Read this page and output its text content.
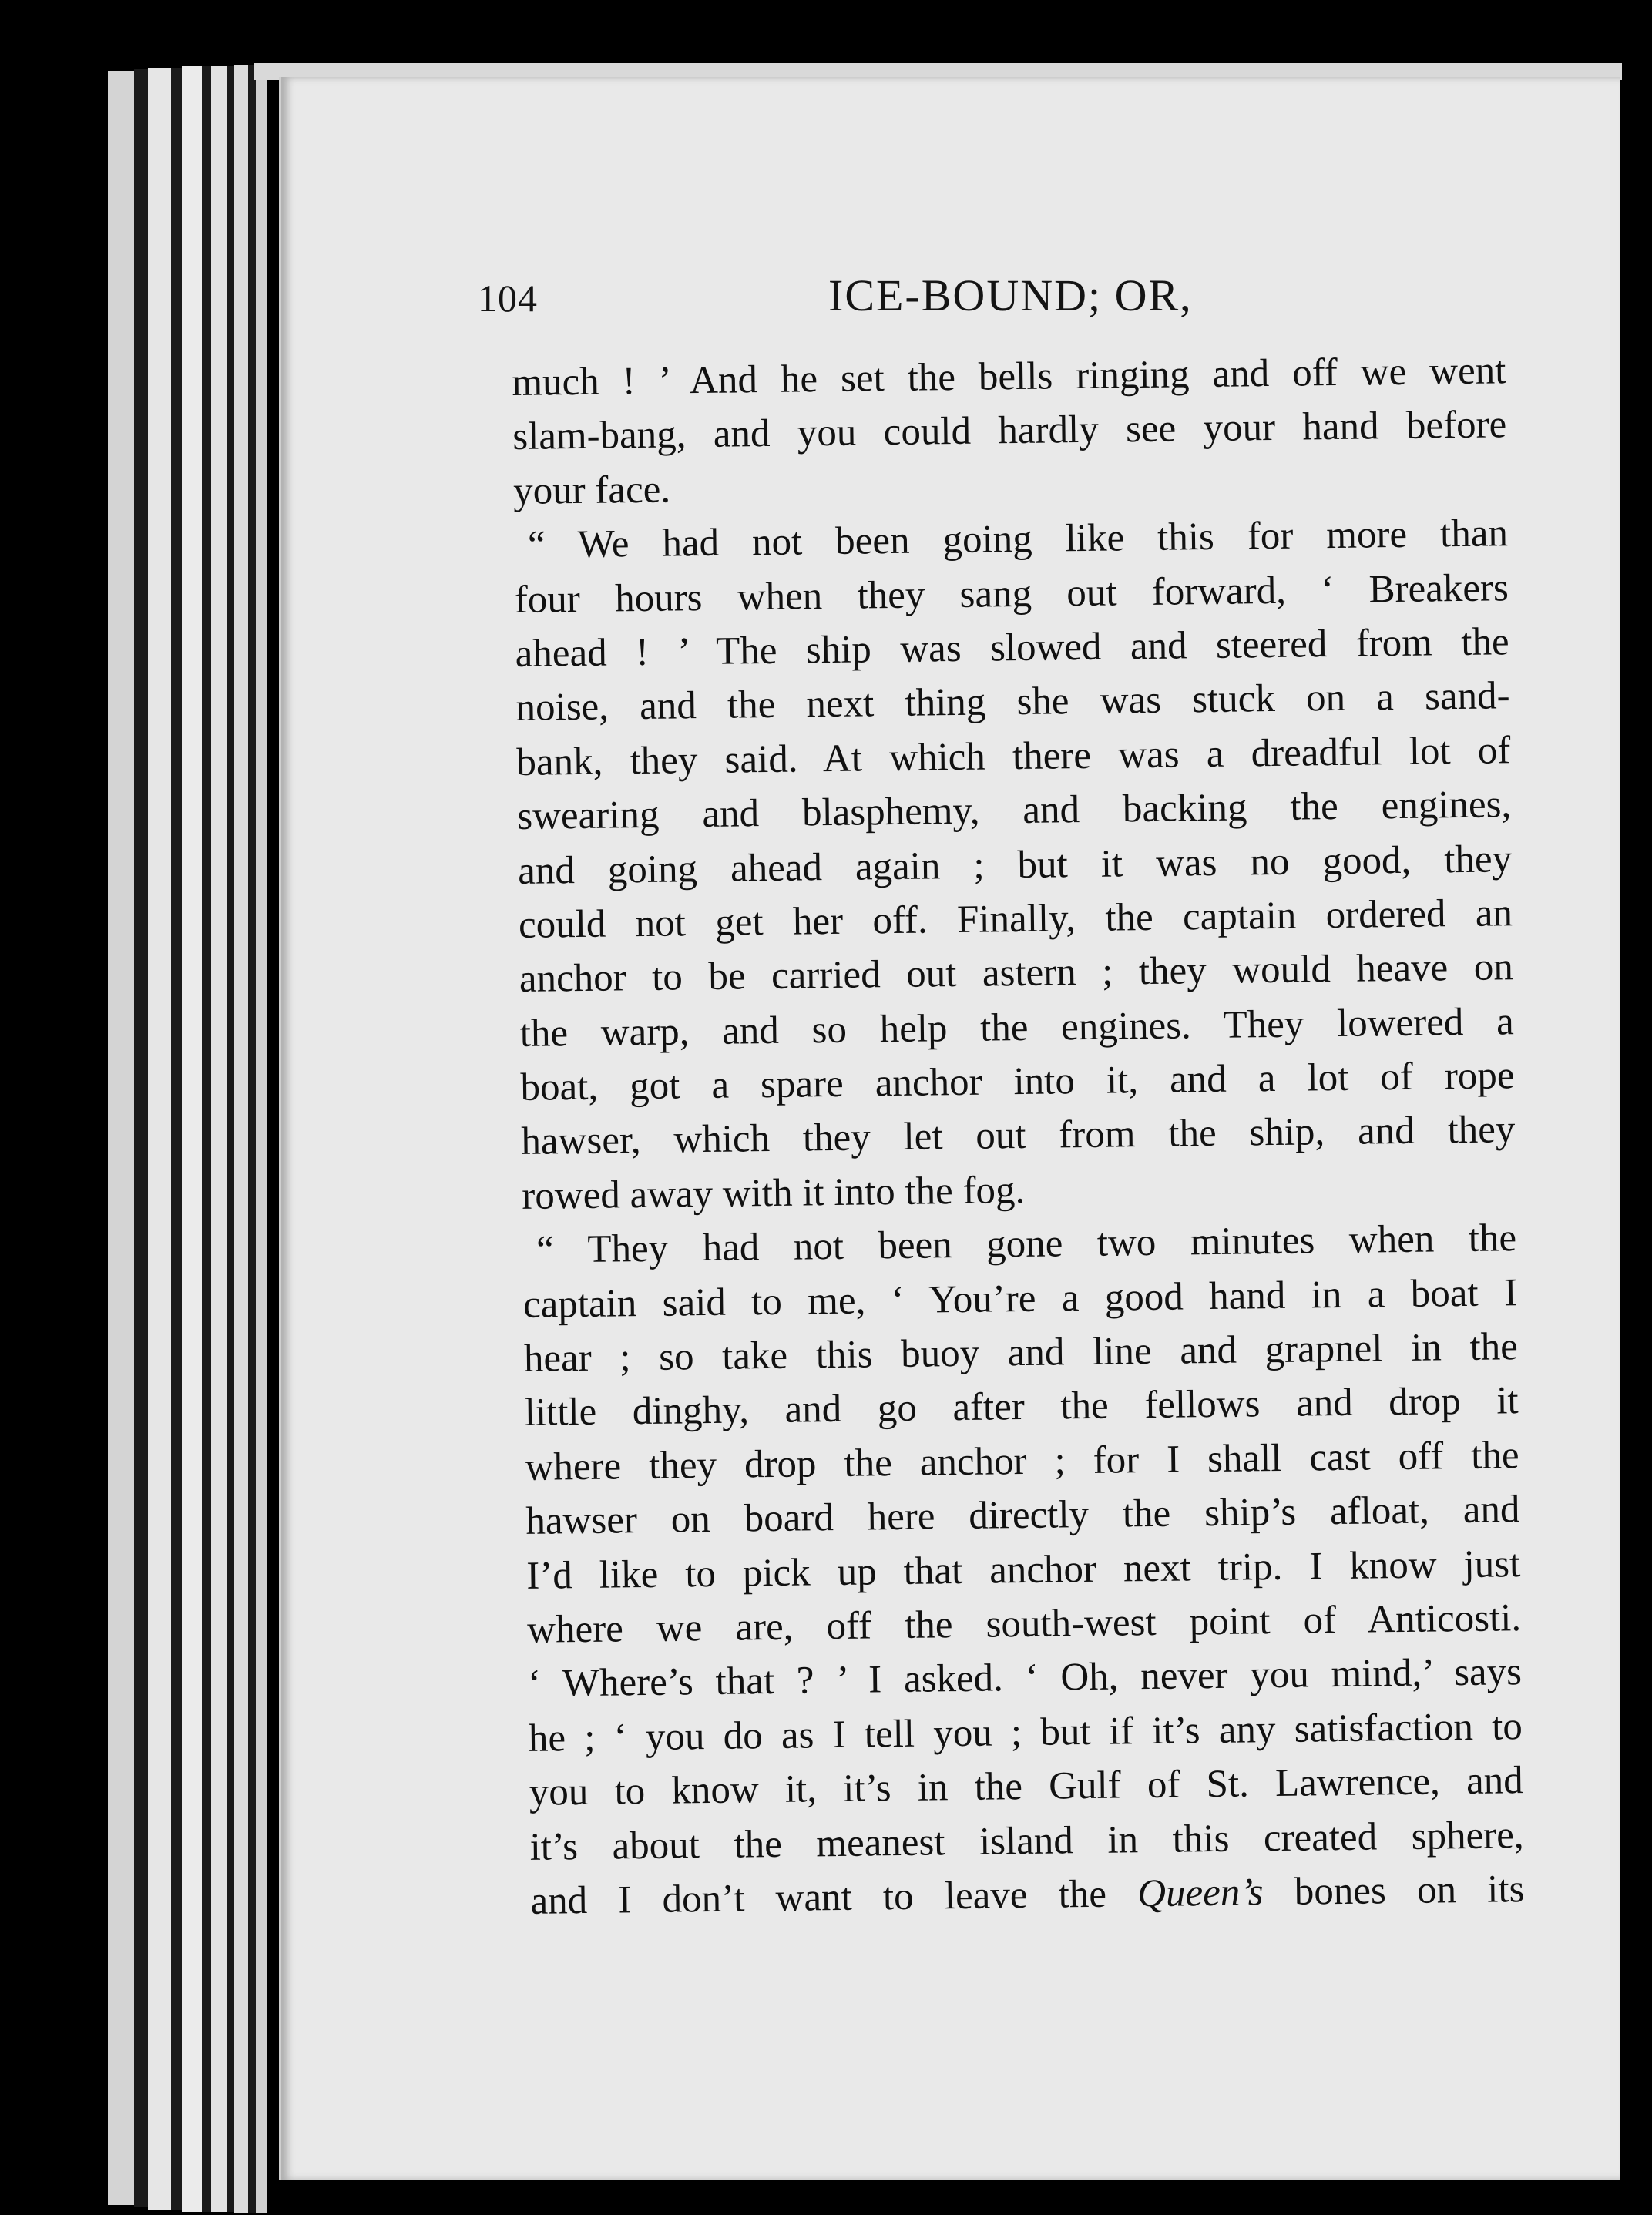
104	ICE-BOUND; OR,
much ! ’ And he set the bells ringing and off we went
slam-bang, and you could hardly see your hand before
your face.
“ We had not been going like this for more than
four hours when they sang out forward, ‘ Breakers
ahead ! ’ The ship was slowed and steered from the
noise, and the next thing she was stuck on a sand-
bank, they said. At which there was a dreadful lot of
swearing and blasphemy, and backing the engines,
and going ahead again ; but it was no good, they
could not get her off. Finally, the captain ordered an
anchor to be carried out astern ; they would heave on
the warp, and so help the engines. They lowered a
boat, got a spare anchor into it, and a lot of rope
hawser, which they let out from the ship, and they
rowed away with it into the fog.
“ They had not been gone two minutes when the
captain said to me, ‘ You’re a good hand in a boat I
hear ; so take this buoy and line and grapnel in the
little dinghy, and go after the fellows and drop it
where they drop the anchor ; for I shall cast off the
hawser on board here directly the ship’s afloat, and
I’d like to pick up that anchor next trip. I know just
where we are, off the south-west point of Anticosti.
‘ Where’s that ? ’ I asked. ‘ Oh, never you mind,’ says
he ; ‘ you do as I tell you ; but if it’s any satisfaction to
you to know it, it’s in the Gulf of St. Lawrence, and
it’s about the meanest island in this created sphere,
and I don’t want to leave the Queen’s bones on its
